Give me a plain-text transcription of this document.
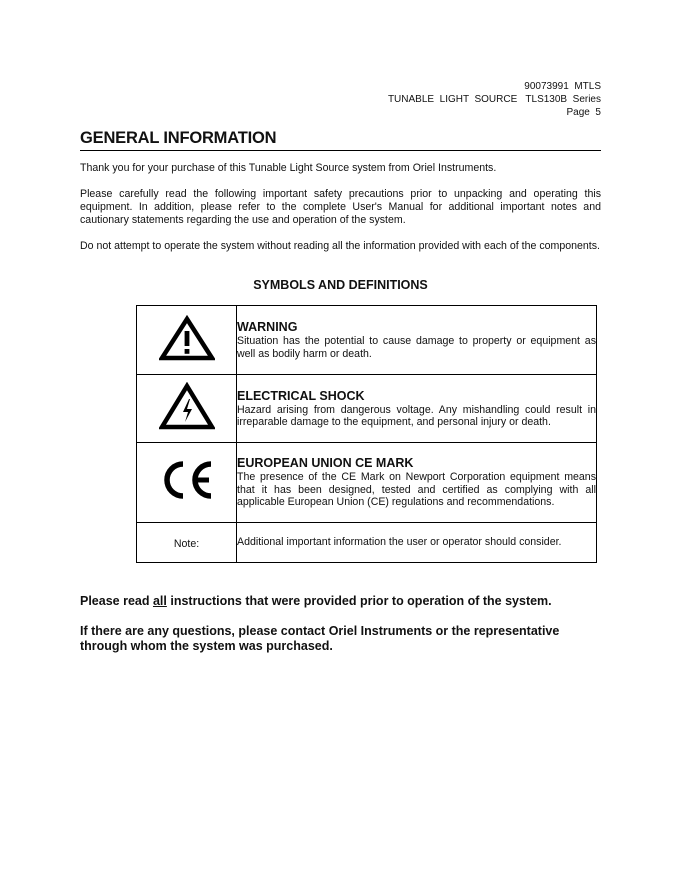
90073991  MTLS
TUNABLE  LIGHT  SOURCE   TLS130B  Series
Page  5
GENERAL INFORMATION

Thank you for your purchase of this Tunable Light Source system from Oriel Instruments.

Please carefully read the following important safety precautions prior to unpacking and operating this equipment. In addition, please refer to the complete User's Manual for additional important notes and cautionary statements regarding the use and operation of the system.

Do not attempt to operate the system without reading all the information provided with each of the components.

SYMBOLS AND DEFINITIONS

WARNING
Situation has the potential to cause damage to property or equipment as well as bodily harm or death.

ELECTRICAL SHOCK
Hazard arising from dangerous voltage. Any mishandling could result in irreparable damage to the equipment, and personal injury or death.

EUROPEAN UNION CE MARK
The presence of the CE Mark on Newport Corporation equipment means that it has been designed, tested and certified as complying with all applicable European Union (CE) regulations and recommendations.

Note:	Additional important information the user or operator should consider.

Please read all instructions that were provided prior to operation of the system.

If there are any questions, please contact Oriel Instruments or the representative through whom the system was purchased.
